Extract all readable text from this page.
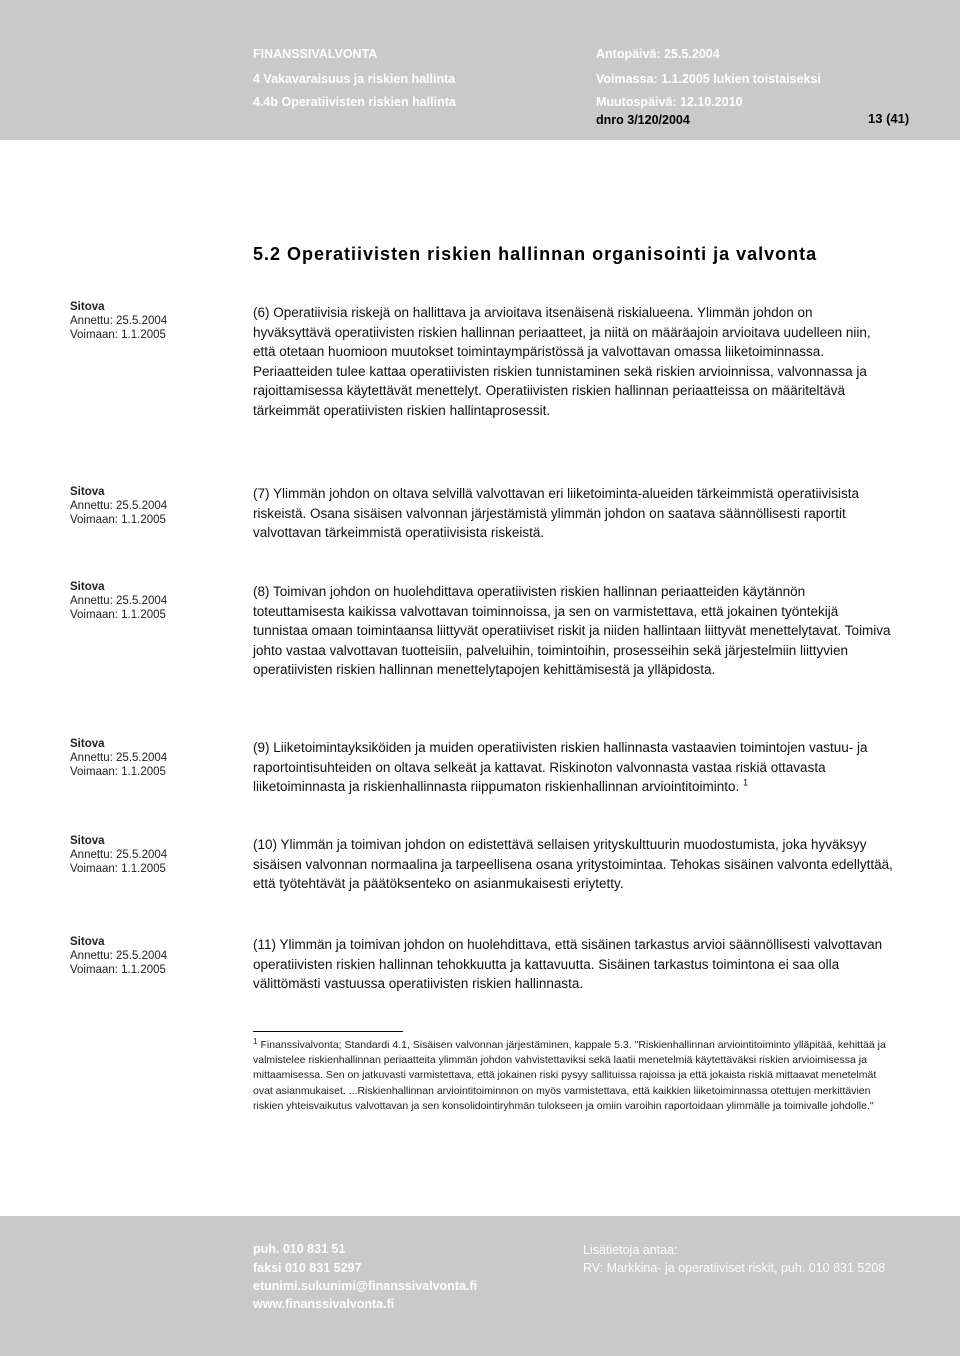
FINANSSIVALVONTA
4 Vakavaraisuus ja riskien hallinta
4.4b Operatiivisten riskien hallinta
Antopäivä: 25.5.2004
Voimassa: 1.1.2005 lukien toistaiseksi
Muutospäivä: 12.10.2010
dnro 3/120/2004	13 (41)
5.2 Operatiivisten riskien hallinnan organisointi ja valvonta
Sitova
Annettu: 25.5.2004
Voimaan: 1.1.2005
Sitova
Annettu: 25.5.2004
Voimaan: 1.1.2005
Sitova
Annettu: 25.5.2004
Voimaan: 1.1.2005
Sitova
Annettu: 25.5.2004
Voimaan: 1.1.2005
Sitova
Annettu: 25.5.2004
Voimaan: 1.1.2005
Sitova
Annettu: 25.5.2004
Voimaan: 1.1.2005

(6) Operatiivisia riskejä on hallittava ja arvioitava itsenäisenä riskialueena. Ylimmän johdon on hyväksyttävä operatiivisten riskien hallinnan periaatteet, ja niitä on määräajoin arvioitava uudelleen niin, että otetaan huomioon muutokset toimintaympäristössä ja valvottavan omassa liiketoiminnassa. Periaatteiden tulee kattaa operatiivisten riskien tunnistaminen sekä riskien arvioinnissa, valvonnassa ja rajoittamisessa käytettävät menettelyt. Operatiivisten riskien hallinnan periaatteissa on määriteltävä tärkeimmät operatiivisten riskien hallintaprosessit.

(7) Ylimmän johdon on oltava selvillä valvottavan eri liiketoiminta-alueiden tärkeimmistä operatiivisista riskeistä. Osana sisäisen valvonnan järjestämistä ylimmän johdon on saatava säännöllisesti raportit valvottavan tärkeimmistä operatiivisista riskeistä.

(8) Toimivan johdon on huolehdittava operatiivisten riskien hallinnan periaatteiden käytännön toteuttamisesta kaikissa valvottavan toiminnoissa, ja sen on varmistettava, että jokainen työntekijä tunnistaa omaan toimintaansa liittyvät operatiiviset riskit ja niiden hallintaan liittyvät menettelytavat. Toimiva johto vastaa valvottavan tuotteisiin, palveluihin, toimintoihin, prosesseihin sekä järjestelmiin liittyvien operatiivisten riskien hallinnan menettelytapojen kehittämisestä ja ylläpidosta.

(9) Liiketoimintayksiköiden ja muiden operatiivisten riskien hallinnasta vastaavien toimintojen vastuu- ja raportointisuhteiden on oltava selkeät ja kattavat. Riskinoton valvonnasta vastaa riskiä ottavasta liiketoiminnasta ja riskienhallinnasta riippumaton riskienhallinnan arviointitoiminto. $^1$

(10) Ylimmän ja toimivan johdon on edistettävä sellaisen yrityskulttuurin muodostumista, joka hyväksyy sisäisen valvonnan normaalina ja tarpeellisena osana yritystoimintaa. Tehokas sisäinen valvonta edellyttää, että työtehtävät ja päätöksenteko on asianmukaisesti eriytetty.

(11) Ylimmän ja toimivan johdon on huolehdittava, että sisäinen tarkastus arvioi säännöllisesti valvottavan operatiivisten riskien hallinnan tehokkuutta ja kattavuutta. Sisäinen tarkastus toimintona ei saa olla välittömästi vastuussa operatiivisten riskien hallinnasta.

$^1$ Finanssivalvonta; Standardi 4.1, Sisäisen valvonnan järjestäminen, kappale 5.3. "Riskienhallinnan arviointitoiminto ylläpitää, kehittää ja valmistelee riskienhallinnan periaatteita ylimmän johdon vahvistettaviksi sekä laatii menetelmiä käytettäväksi riskien arvioimisessa ja mittaamisessa. Sen on jatkuvasti varmistettava, että jokainen riski pysyy sallituissa rajoissa ja että jokaista riskiä mittaavat menetelmät ovat asianmukaiset. ...Riskienhallinnan arviointitoiminnon on myös varmistettava, että kaikkien liiketoiminnassa otettujen merkittävien riskien yhteisvaikutus valvottavan ja sen konsolidointiryhmän tulokseen ja omiin varoihin raportoidaan ylimmälle ja toimivalle johdolle."

puh. 010 831 51
faksi 010 831 5297
etunimi.sukunimi@finanssivalvonta.fi
www.finanssivalvonta.fi
Lisätietoja antaa:
RV: Markkina- ja operatiiviset riskit, puh. 010 831 5208
